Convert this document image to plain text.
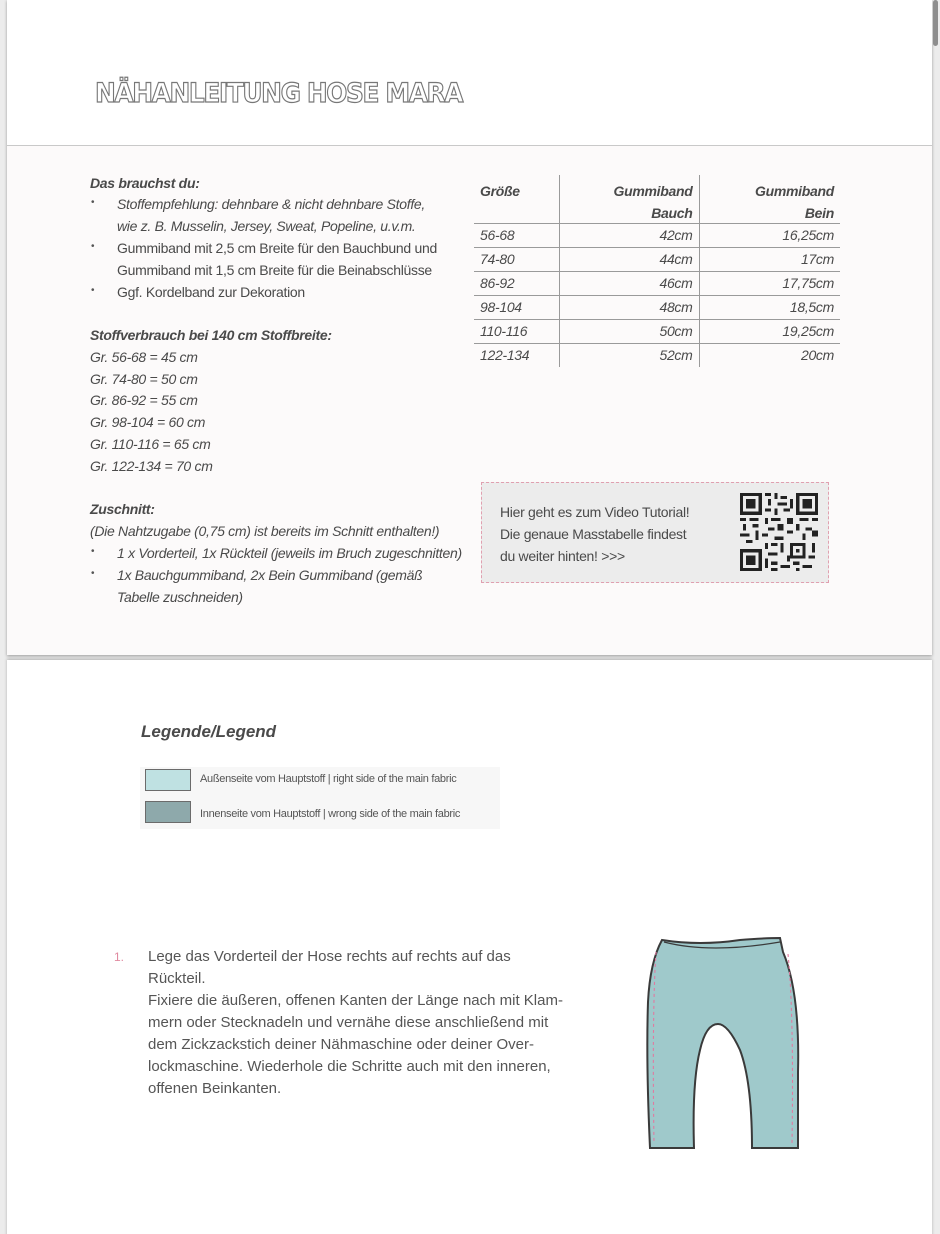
NÄHANLEITUNG HOSE MARA
Das brauchst du:
• Stoffempfehlung: dehnbare & nicht dehnbare Stoffe,
wie z. B. Musselin, Jersey, Sweat, Popeline, u.v.m.
• Gummiband mit 2,5 cm Breite für den Bauchbund und
Gummiband mit 1,5 cm Breite für die Beinabschlüsse
• Ggf. Kordelband zur Dekoration
Stoffverbrauch bei 140 cm Stoffbreite:
Gr. 56-68 = 45 cm
Gr. 74-80 = 50 cm
Gr. 86-92 = 55 cm
Gr. 98-104 = 60 cm
Gr. 110-116 = 65 cm
Gr. 122-134 = 70 cm
Zuschnitt:
(Die Nahtzugabe (0,75 cm) ist bereits im Schnitt enthalten!)
• 1 x Vorderteil, 1x Rückteil (jeweils im Bruch zugeschnitten)
• 1x Bauchgummiband, 2x Bein Gummiband (gemäß
Tabelle zuschneiden)
Größe	Gummiband	Gummiband
	Bauch	Bein
56-68	42cm	16,25cm
74-80	44cm	17cm
86-92	46cm	17,75cm
98-104	48cm	18,5cm
110-116	50cm	19,25cm
122-134	52cm	20cm
Hier geht es zum Video Tutorial!
Die genaue Masstabelle findest
du weiter hinten! >>>
Legende/Legend
Außenseite vom Hauptstoff | right side of the main fabric
Innenseite vom Hauptstoff | wrong side of the main fabric
1. Lege das Vorderteil der Hose rechts auf rechts auf das Rückteil.
Fixiere die äußeren, offenen Kanten der Länge nach mit Klam-
mern oder Stecknadeln und vernähe diese anschließend mit
dem Zickzackstich deiner Nähmaschine oder deiner Over-
lockmaschine. Wiederhole die Schritte auch mit den inneren,
offenen Beinkanten.
